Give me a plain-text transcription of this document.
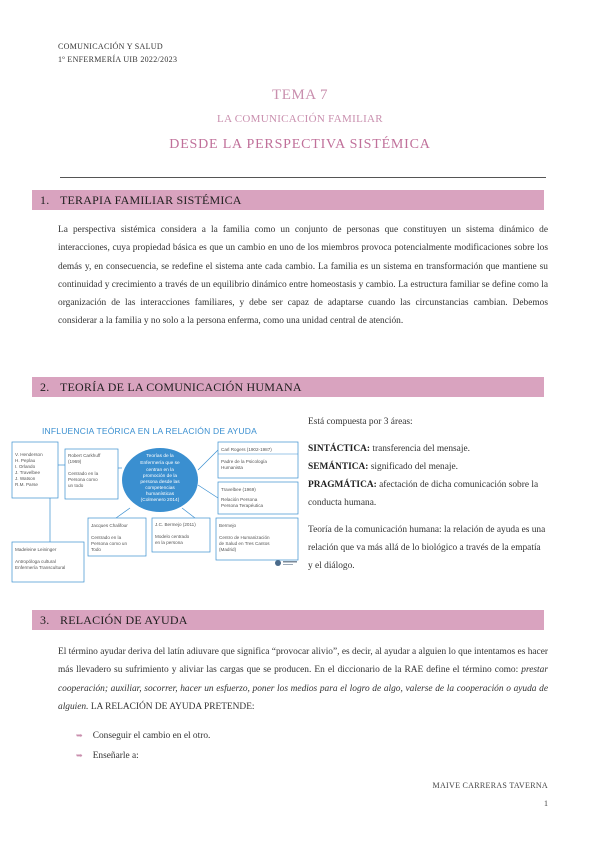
COMUNICACIÓN Y SALUD
1º ENFERMERÍA UIB 2022/2023
TEMA 7
LA COMUNICACIÓN FAMILIAR
DESDE LA PERSPECTIVA SISTÉMICA
1. TERAPIA FAMILIAR SISTÉMICA
La perspectiva sistémica considera a la familia como un conjunto de personas que constituyen un sistema dinámico de interacciones, cuya propiedad básica es que un cambio en uno de los miembros provoca potencialmente modificaciones sobre los demás y, en consecuencia, se redefine el sistema ante cada cambio. La familia es un sistema en transformación que mantiene su continuidad y crecimiento a través de un equilibrio dinámico entre homeostasis y cambio. La estructura familiar se define como la organización de las interacciones familiares, y debe ser capaz de adaptarse cuando las circunstancias cambian. Debemos considerar a la familia y no solo a la persona enferma, como una unidad central de atención.
2. TEORÍA DE LA COMUNICACIÓN HUMANA
INFLUENCIA TEÓRICA EN LA RELACIÓN DE AYUDA
Teorías de la
Enfermería que se
centran en la
promoción de la
persona desde las
competencias
humanísticas
(Colmenero 2014)
V. Henderson
H. Peplau
I. Orlando
J. Travelbee
J. Watson
R.M. Parse
Robert Carkhuff
(1969)
Centrado en la
Persona como
un todo
Carl Rogers (1902-1987)
Padre de la Psicología
Humanista
Travelbee (1969)
Relación Persona
Persona Terapéutica
Jacques Chalifour
Centrado en la
Persona como un
Todo
J.C. Bermejo (2011)
Modelo centrado
en la persona
Bermejo
Centro de Humanización
de Salud en Tres Cantos
(Madrid)
Madeleine Leininger
Antropóloga cultural
Enfermería Transcultural
Está compuesta por 3 áreas:
SINTÁCTICA: transferencia del mensaje.
SEMÁNTICA: significado del menaje.
PRAGMÁTICA: afectación de dicha comunicación sobre la conducta humana.
Teoría de la comunicación humana: la relación de ayuda es una relación que va más allá de lo biológico a través de la empatía y el diálogo.
3. RELACIÓN DE AYUDA
El término ayudar deriva del latín adiuvare que significa “provocar alivio”, es decir, al ayudar a alguien lo que intentamos es hacer más llevadero su sufrimiento y aliviar las cargas que se producen. En el diccionario de la RAE define el término como: prestar cooperación; auxiliar, socorrer, hacer un esfuerzo, poner los medios para el logro de algo, valerse de la cooperación o ayuda de alguien. LA RELACIÓN DE AYUDA PRETENDE:
➥ Conseguir el cambio en el otro.
➥ Enseñarle a:
MAIVE CARRERAS TAVERNA
1
